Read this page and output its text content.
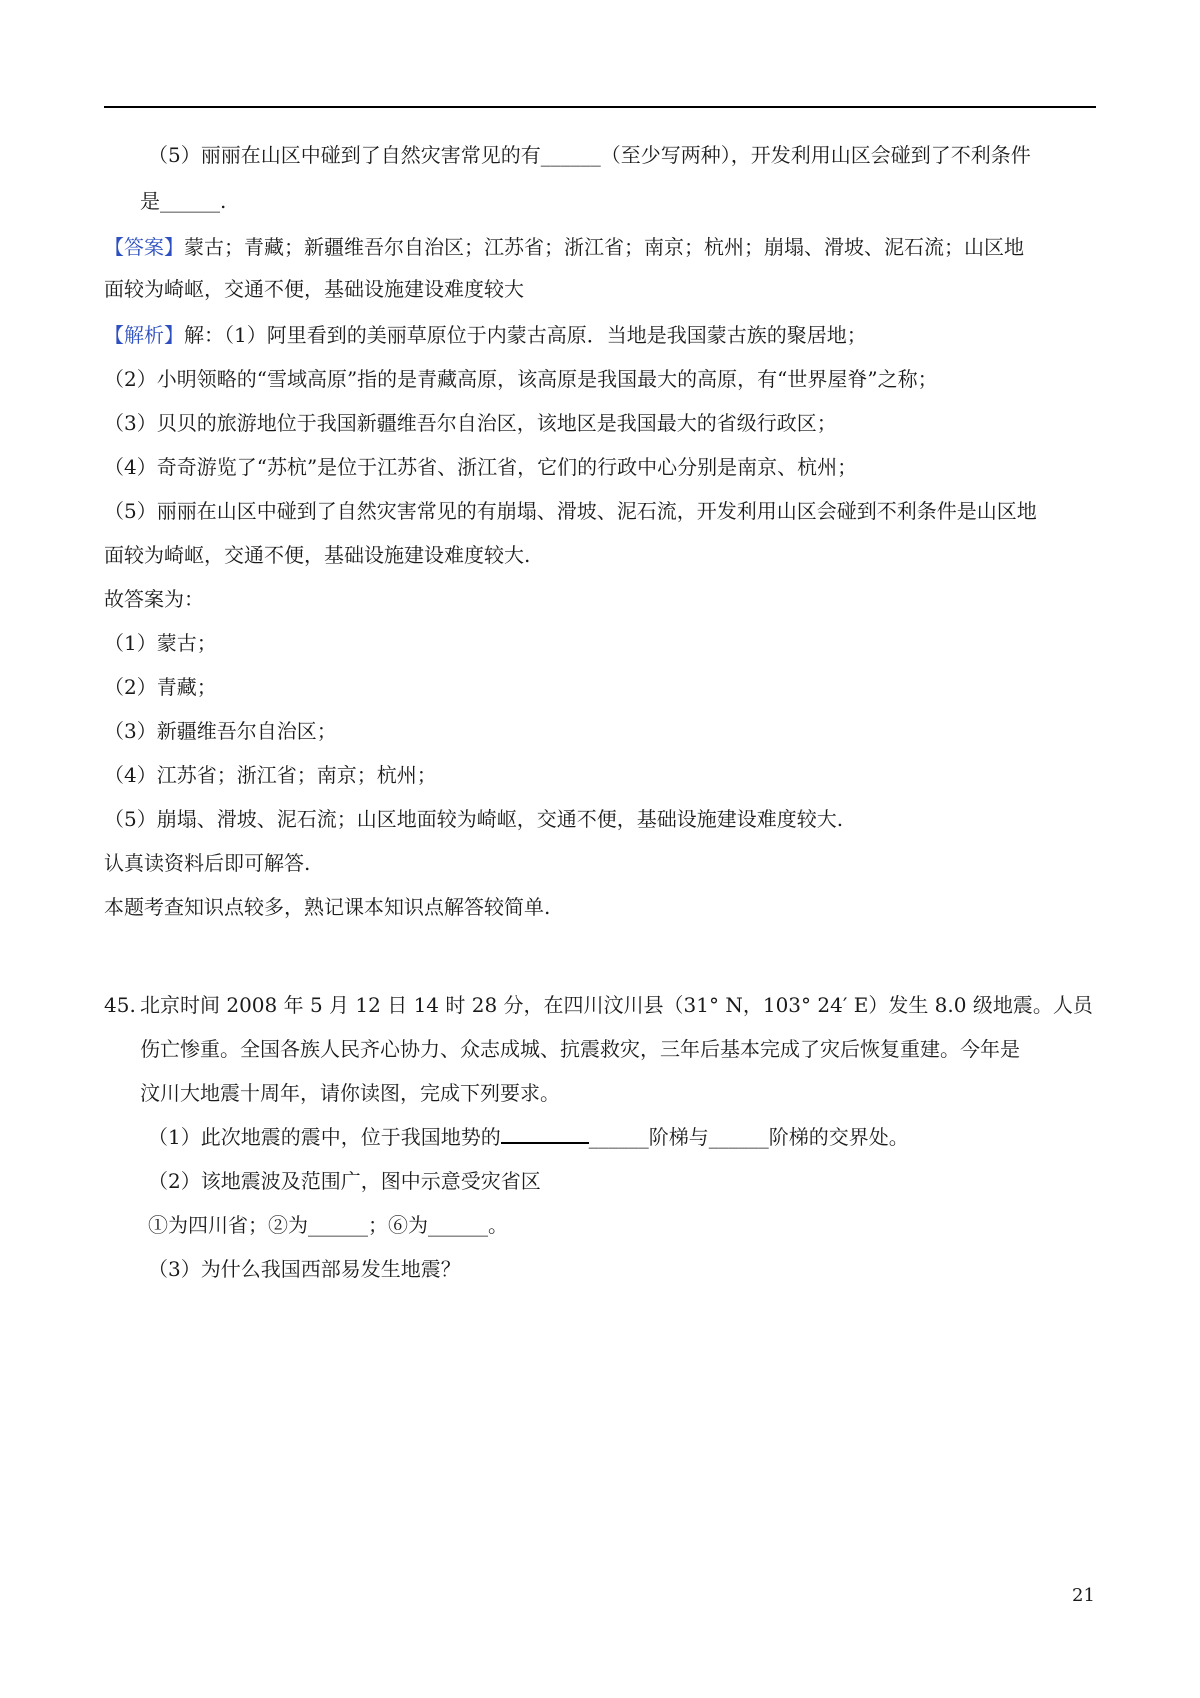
（5）丽丽在山区中碰到了自然灾害常见的有______（至少写两种），开发利用山区会碰到了不利条件
是______.
【答案】蒙古；青藏；新疆维吾尔自治区；江苏省；浙江省；南京；杭州；崩塌、滑坡、泥石流；山区地
面较为崎岖，交通不便，基础设施建设难度较大
【解析】解：（1）阿里看到的美丽草原位于内蒙古高原．当地是我国蒙古族的聚居地；
（2）小明领略的“雪域高原”指的是青藏高原，该高原是我国最大的高原，有“世界屋脊”之称；
（3）贝贝的旅游地位于我国新疆维吾尔自治区，该地区是我国最大的省级行政区；
（4）奇奇游览了“苏杭”是位于江苏省、浙江省，它们的行政中心分别是南京、杭州；
（5）丽丽在山区中碰到了自然灾害常见的有崩塌、滑坡、泥石流，开发利用山区会碰到不利条件是山区地
面较为崎岖，交通不便，基础设施建设难度较大.
故答案为：
（1）蒙古；
（2）青藏；
（3）新疆维吾尔自治区；
（4）江苏省；浙江省；南京；杭州；
（5）崩塌、滑坡、泥石流；山区地面较为崎岖，交通不便，基础设施建设难度较大.
认真读资料后即可解答.
本题考查知识点较多，熟记课本知识点解答较简单.
45. 北京时间 2008 年 5 月 12 日 14 时 28 分，在四川汶川县（31° N，103° 24′ E）发生 8.0 级地震。人员
伤亡惨重。全国各族人民齐心协力、众志成城、抗震救灾，三年后基本完成了灾后恢复重建。今年是
汶川大地震十周年，请你读图，完成下列要求。
（1）此次地震的震中，位于我国地势的	______阶梯与______阶梯的交界处。
（2）该地震波及范围广，图中示意受灾省区
①为四川省；②为______；⑥为______。
（3）为什么我国西部易发生地震？
21
